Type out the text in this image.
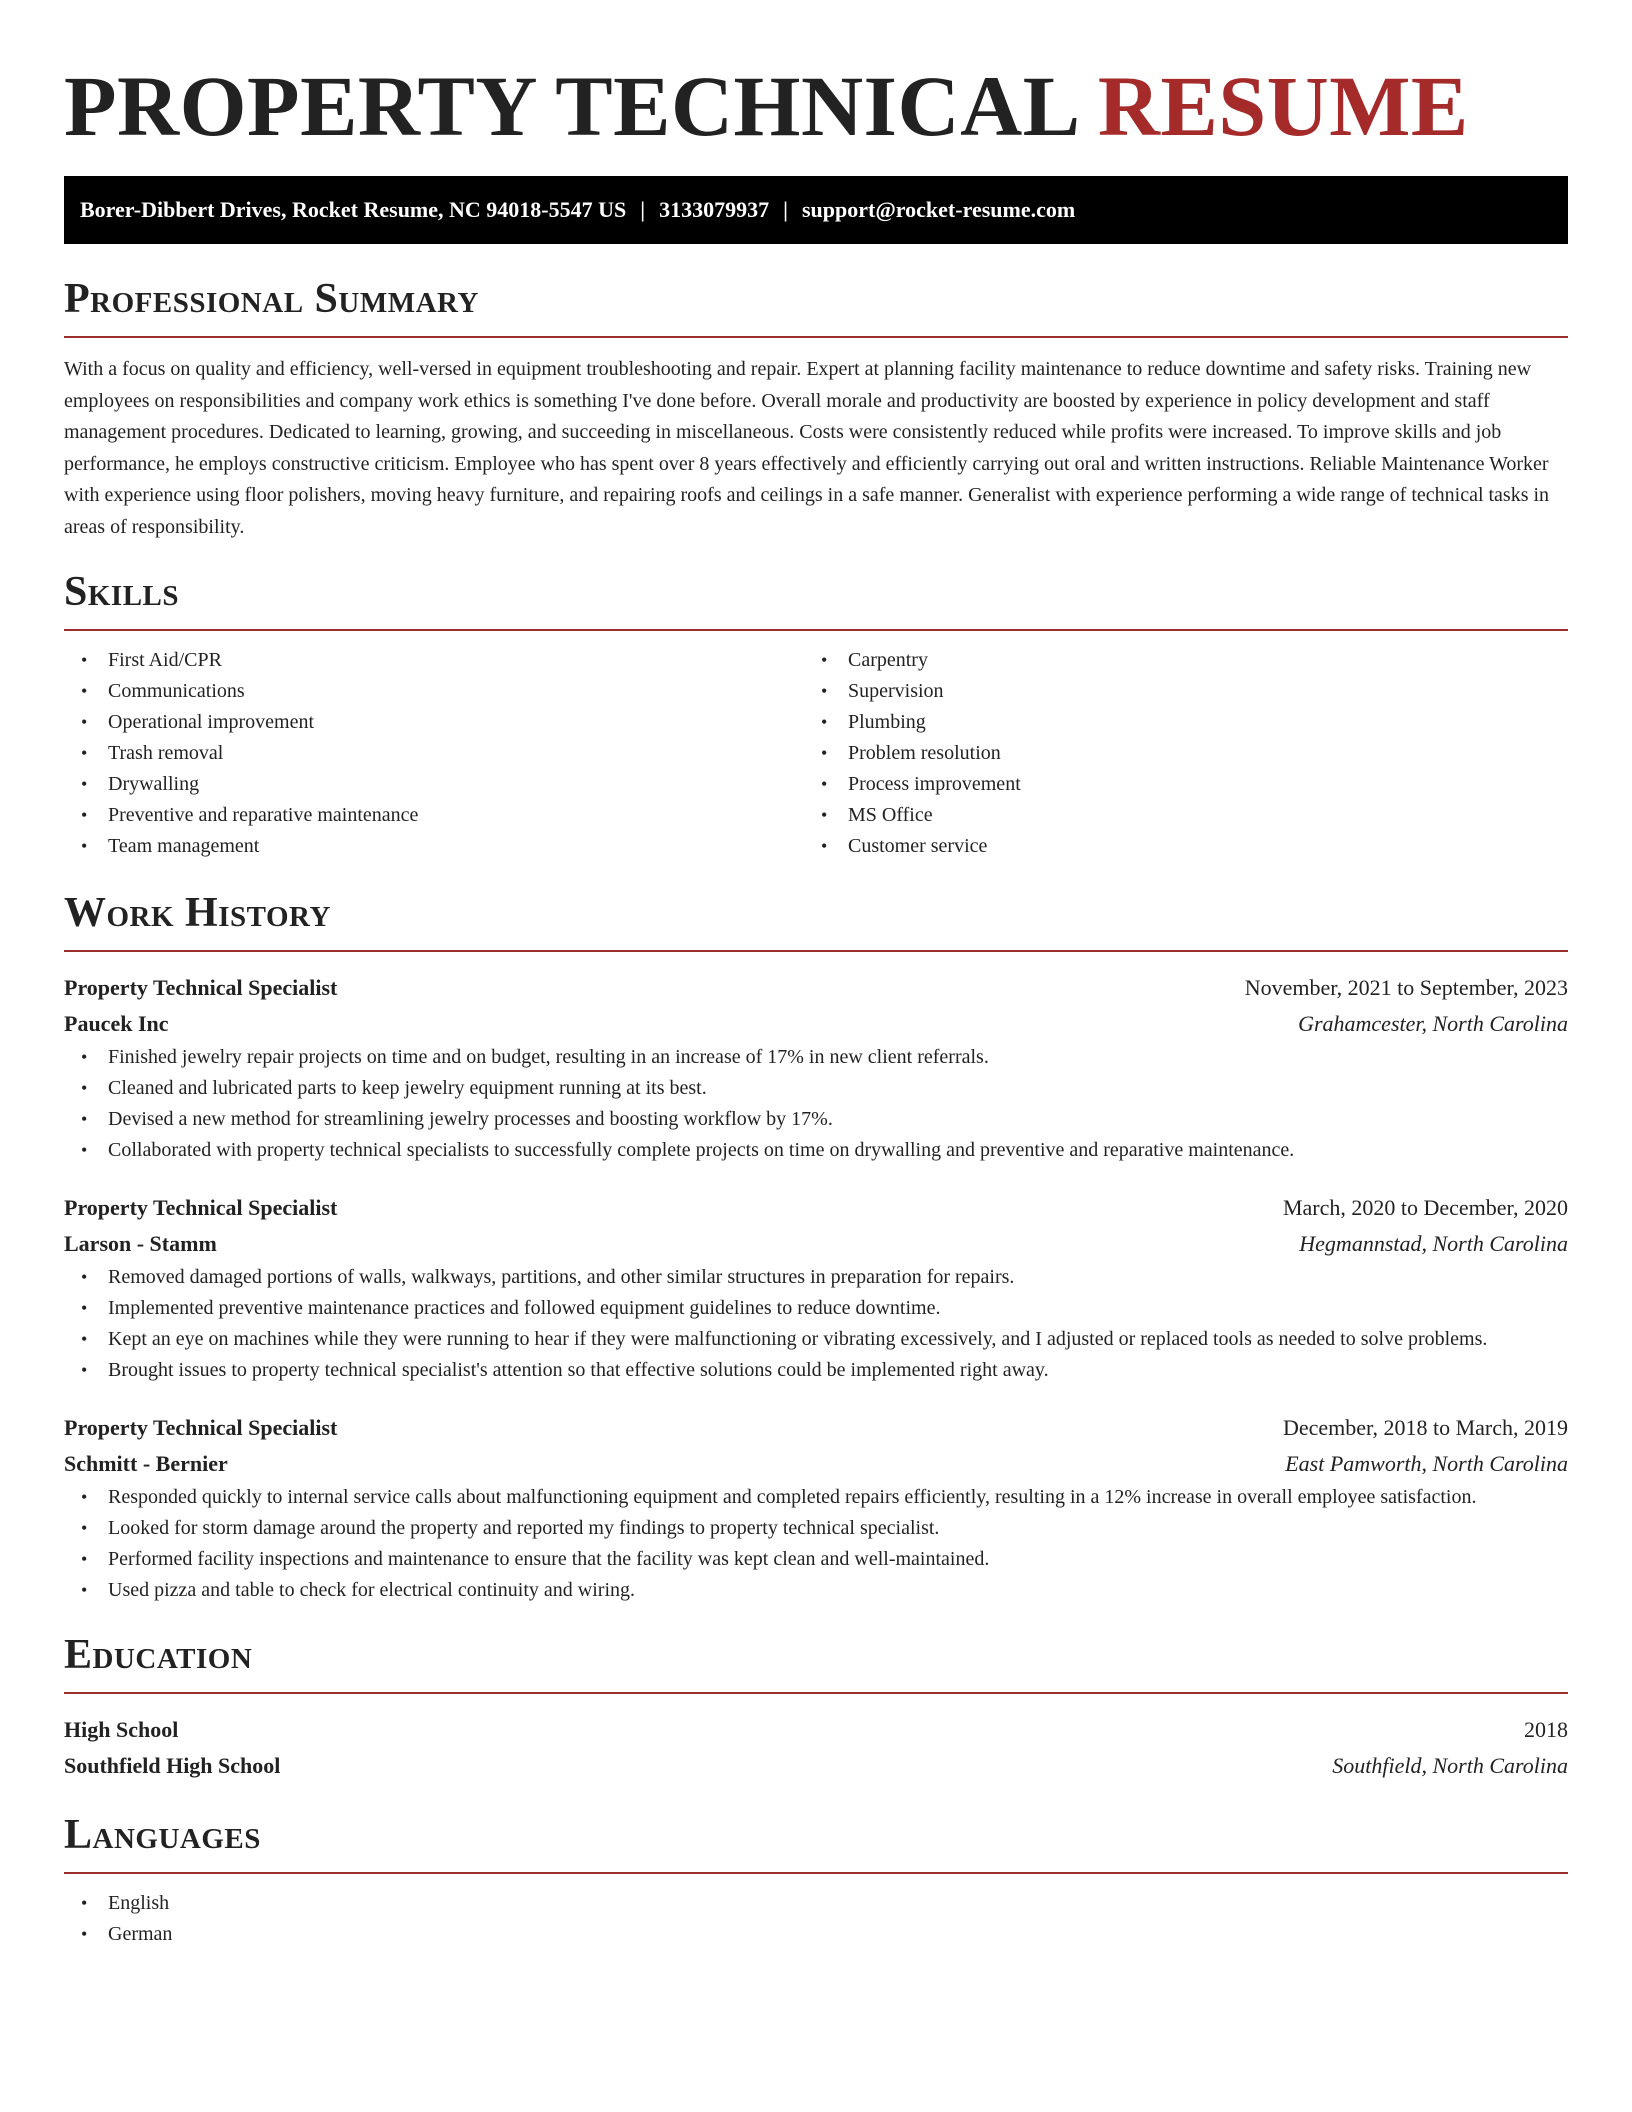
PROPERTY TECHNICAL RESUME
Borer-Dibbert Drives, Rocket Resume, NC 94018-5547 US | 3133079937 | support@rocket-resume.com
Professional Summary

With a focus on quality and efficiency, well-versed in equipment troubleshooting and repair. Expert at planning facility maintenance to reduce downtime and safety risks. Training new employees on responsibilities and company work ethics is something I've done before. Overall morale and productivity are boosted by experience in policy development and staff management procedures. Dedicated to learning, growing, and succeeding in miscellaneous. Costs were consistently reduced while profits were increased. To improve skills and job performance, he employs constructive criticism. Employee who has spent over 8 years effectively and efficiently carrying out oral and written instructions. Reliable Maintenance Worker with experience using floor polishers, moving heavy furniture, and repairing roofs and ceilings in a safe manner. Generalist with experience performing a wide range of technical tasks in areas of responsibility.

Skills
• First Aid/CPR
• Communications
• Operational improvement
• Trash removal
• Drywalling
• Preventive and reparative maintenance
• Team management
• Carpentry
• Supervision
• Plumbing
• Problem resolution
• Process improvement
• MS Office
• Customer service
Work History
Property Technical Specialist	November, 2021 to September, 2023
Paucek Inc	Grahamcester, North Carolina
• Finished jewelry repair projects on time and on budget, resulting in an increase of 17% in new client referrals.
• Cleaned and lubricated parts to keep jewelry equipment running at its best.
• Devised a new method for streamlining jewelry processes and boosting workflow by 17%.
• Collaborated with property technical specialists to successfully complete projects on time on drywalling and preventive and reparative maintenance.
Property Technical Specialist	March, 2020 to December, 2020
Larson - Stamm	Hegmannstad, North Carolina
• Removed damaged portions of walls, walkways, partitions, and other similar structures in preparation for repairs.
• Implemented preventive maintenance practices and followed equipment guidelines to reduce downtime.
• Kept an eye on machines while they were running to hear if they were malfunctioning or vibrating excessively, and I adjusted or replaced tools as needed to solve problems.
• Brought issues to property technical specialist's attention so that effective solutions could be implemented right away.
Property Technical Specialist	December, 2018 to March, 2019
Schmitt - Bernier	East Pamworth, North Carolina
• Responded quickly to internal service calls about malfunctioning equipment and completed repairs efficiently, resulting in a 12% increase in overall employee satisfaction.
• Looked for storm damage around the property and reported my findings to property technical specialist.
• Performed facility inspections and maintenance to ensure that the facility was kept clean and well-maintained.
• Used pizza and table to check for electrical continuity and wiring.
Education
High School	2018
Southfield High School	Southfield, North Carolina
Languages
• English
• German
